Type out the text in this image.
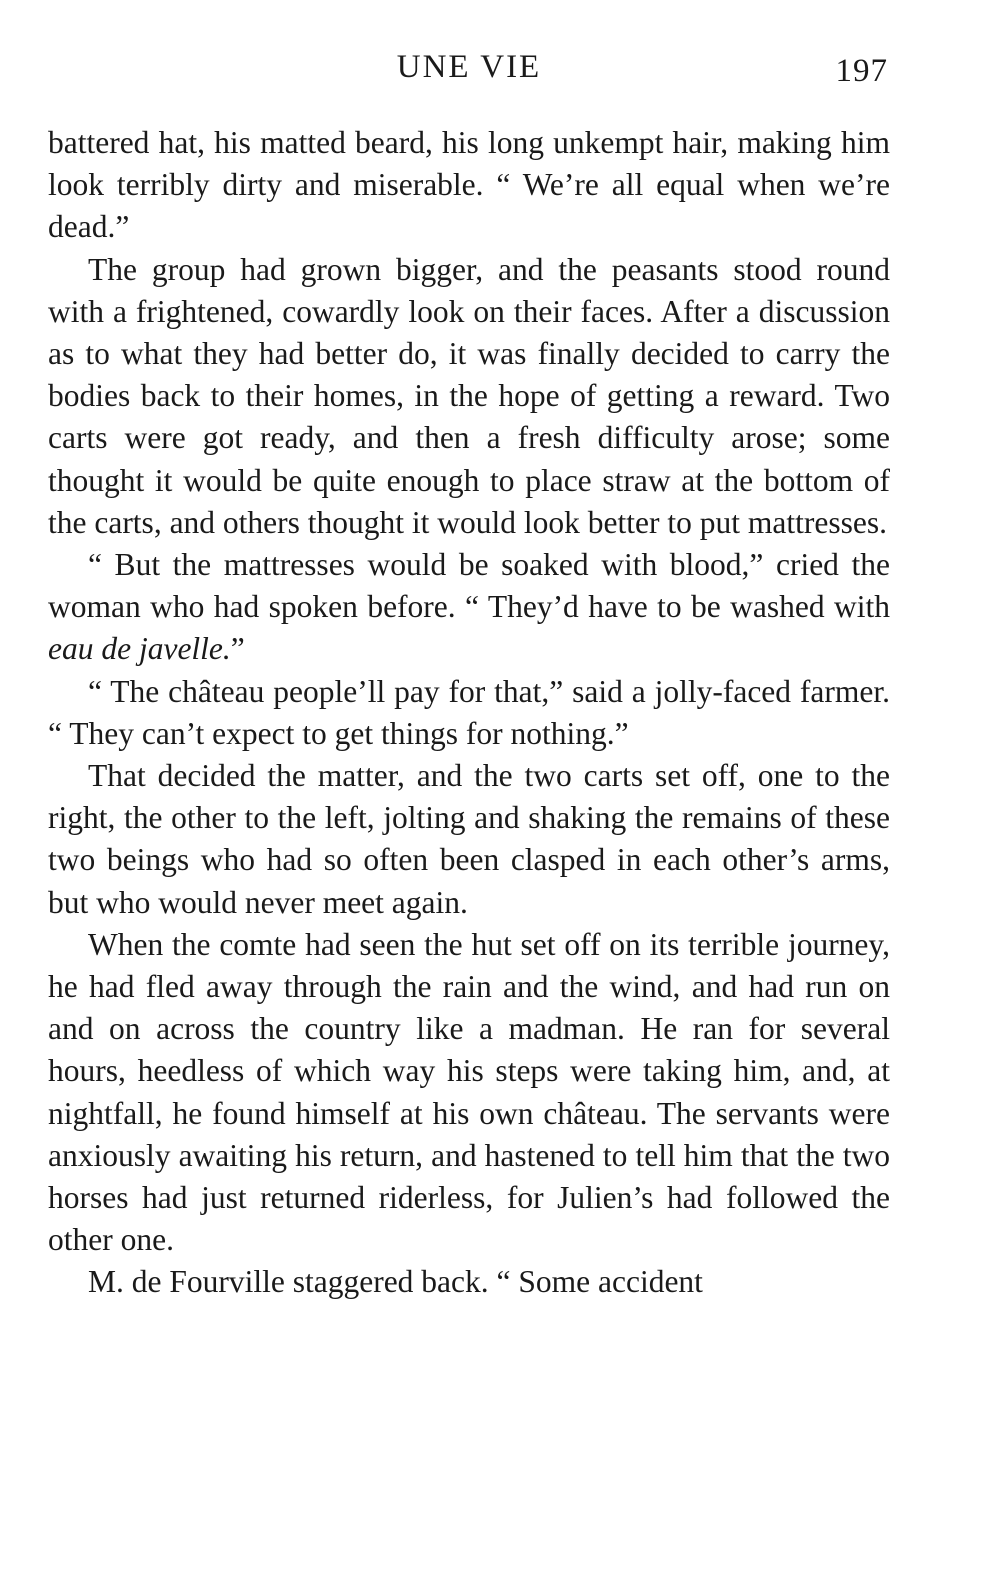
UNE VIE	197

battered hat, his matted beard, his long unkempt hair, making him look terribly dirty and miserable. “ We’re all equal when we’re dead.”

The group had grown bigger, and the peasants stood round with a frightened, cowardly look on their faces. After a discussion as to what they had better do, it was finally decided to carry the bodies back to their homes, in the hope of getting a reward. Two carts were got ready, and then a fresh difficulty arose; some thought it would be quite enough to place straw at the bottom of the carts, and others thought it would look better to put mattresses.

“ But the mattresses would be soaked with blood,” cried the woman who had spoken before. “ They’d have to be washed with eau de javelle.”

“ The château people’ll pay for that,” said a jolly-faced farmer. “ They can’t expect to get things for nothing.”

That decided the matter, and the two carts set off, one to the right, the other to the left, jolting and shaking the remains of these two beings who had so often been clasped in each other’s arms, but who would never meet again.

When the comte had seen the hut set off on its terrible journey, he had fled away through the rain and the wind, and had run on and on across the country like a madman. He ran for several hours, heedless of which way his steps were taking him, and, at nightfall, he found himself at his own château. The servants were anxiously awaiting his return, and hastened to tell him that the two horses had just returned riderless, for Julien’s had followed the other one.

M. de Fourville staggered back. “ Some accident
